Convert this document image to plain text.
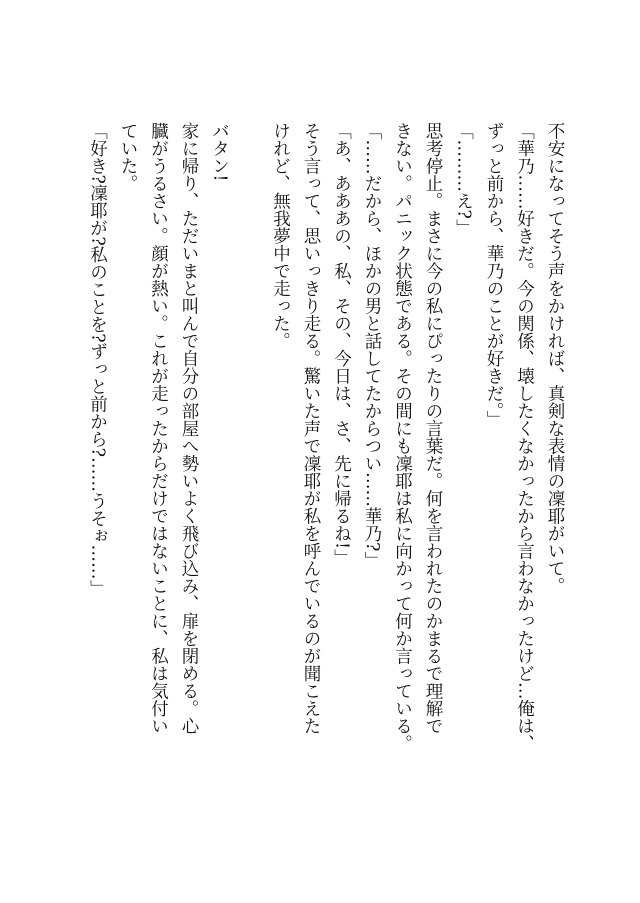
不安になってそう声をかければ、真剣な表情の凜耶がいて。
「華乃……好きだ。今の関係、壊したくなかったから言わなかったけど…俺は、
ずっと前から、華乃のことが好きだ。」
「………え?」
思考停止。まさに今の私にぴったりの言葉だ。何を言われたのかまるで理解で
きない。パニック状態である。その間にも凜耶は私に向かって何か言っている。
「……だから、ほかの男と話してたからつい……華乃?」
「あ、あああの、私、その、今日は、さ、先に帰るね!」
そう言って、思いっきり走る。驚いた声で凜耶が私を呼んでいるのが聞こえた
けれど、無我夢中で走った。
バタン!
家に帰り、ただいまと叫んで自分の部屋へ勢いよく飛び込み、扉を閉める。心
臓がうるさい。顔が熱い。これが走ったからだけではないことに、私は気付い
ていた。
「好き?凜耶が?私のことを?ずっと前から?……うそぉ……」
